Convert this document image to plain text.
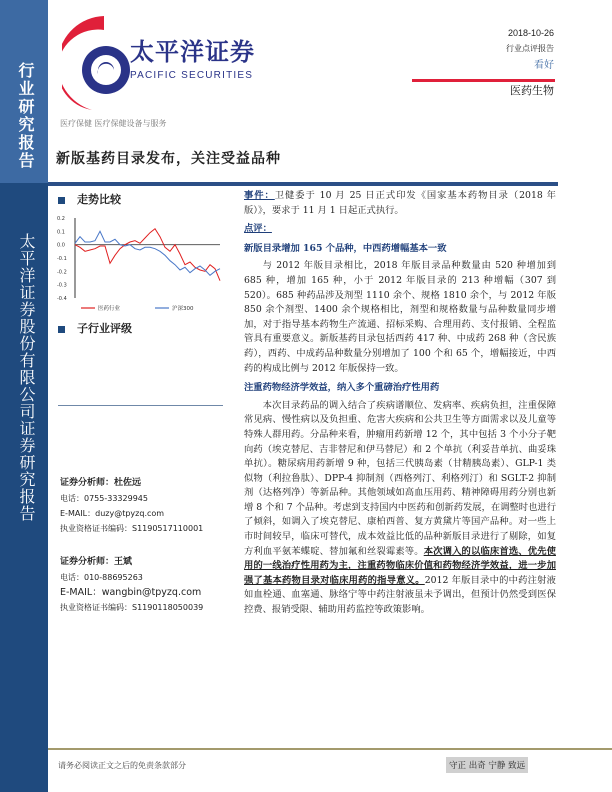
行业研究报告
太平洋证券股份有限公司证券研究报告
太平洋证券
PACIFIC SECURITIES
2018-10-26
行业点评报告
看好
医药生物
医疗保健 医疗保健设备与服务
新版基药目录发布，关注受益品种
走势比较
0.2
0.1
0.0
-0.1
-0.2
-0.3
-0.4
医药行业	沪深300
子行业评级
证券分析师：杜佐远
电话：0755-33329945
E-MAIL：duzy@tpyzq.com
执业资格证书编码：S1190517110001
证券分析师：王斌
电话：010-88695263
E-MAIL：wangbin@tpyzq.com
执业资格证书编码：S1190118050039

事件：卫健委于 10 月 25 日正式印发《国家基本药物目录（2018 年版）》，要求于 11 月 1 日起正式执行。

点评：

新版目录增加 165 个品种，中西药增幅基本一致

与 2012 年版目录相比，2018 年版目录品种数量由 520 种增加到 685 种，增加 165 种，小于 2012 年版目录的 213 种增幅（307 到 520）。685 种药品涉及剂型 1110 余个、规格 1810 余个，与 2012 年版 850 余个剂型、1400 余个规格相比，剂型和规格数量与品种数量同步增加，对于指导基本药物生产流通、招标采购、合理用药、支付报销、全程监管具有重要意义。新版基药目录包括西药 417 种、中成药 268 种（含民族药），西药、中成药品种数量分别增加了 100 个和 65 个，增幅接近，中西药的构成比例与 2012 年版保持一致。

注重药物经济学效益，纳入多个重磅治疗性用药

本次目录药品的调入结合了疾病谱顺位、发病率、疾病负担，注重保障常见病、慢性病以及负担重、危害大疾病和公共卫生等方面需求以及儿童等特殊人群用药。分品种来看，肿瘤用药新增 12 个，其中包括 3 个小分子靶向药（埃克替尼、吉非替尼和伊马替尼）和 2 个单抗（利妥昔单抗、曲妥珠单抗）。糖尿病用药新增 9 种，包括三代胰岛素（甘精胰岛素）、GLP-1 类似物（利拉鲁肽）、DPP-4 抑制剂（西格列汀、利格列汀）和 SGLT-2 抑制剂（达格列净）等新品种。其他领域如高血压用药、精神障碍用药分别也新增 8 个和 7 个品种。考虑到支持国内中医药和创新药发展，在调整时也进行了倾斜，如调入了埃克替尼、康柏西普、复方黄黛片等国产品种。对一些上市时间较早，临床可替代，成本效益比低的品种新版目录进行了剔除，如复方利血平氨苯蝶啶、替加氟和丝裂霉素等。本次调入的以临床首选、优先使用的一线治疗性用药为主，注重药物临床价值和药物经济学效益，进一步加强了基本药物目录对临床用药的指导意义。2012 年版目录中的中药注射液如血栓通、血塞通、脉络宁等中药注射液虽未予调出，但预计仍然受到医保控费、报销受限、辅助用药监控等政策影响。

请务必阅读正文之后的免责条款部分	守正 出奇 宁静 致远
